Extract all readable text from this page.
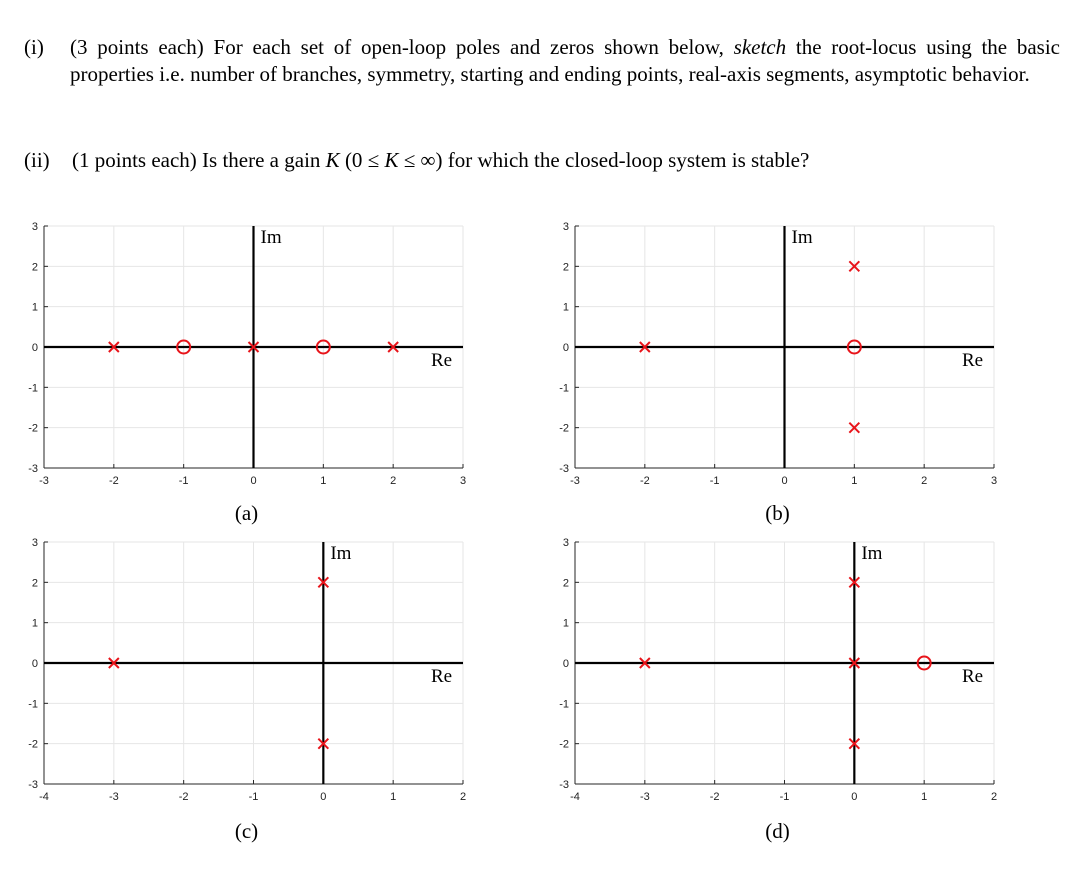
(i) (3 points each) For each set of open-loop poles and zeros shown below, sketch the root-locus using the basic properties i.e. number of branches, symmetry, starting and ending points, real-axis segments, asymptotic behavior.
(ii) (1 points each) Is there a gain K (0 ≤ K ≤ ∞) for which the closed-loop system is stable?
-3	-2	-1	0	1	2	3
3
2
1
0
-1
-2
-3
Im
Re
(a)
-3	-2	-1	0	1	2	3
3
2
1
0
-1
-2
-3
Im
Re
(b)
-4	-3	-2	-1	0	1	2
3
2
1
0
-1
-2
-3
Im
Re
(c)
-4	-3	-2	-1	0	1	2
3
2
1
0
-1
-2
-3
Im
Re
(d)
